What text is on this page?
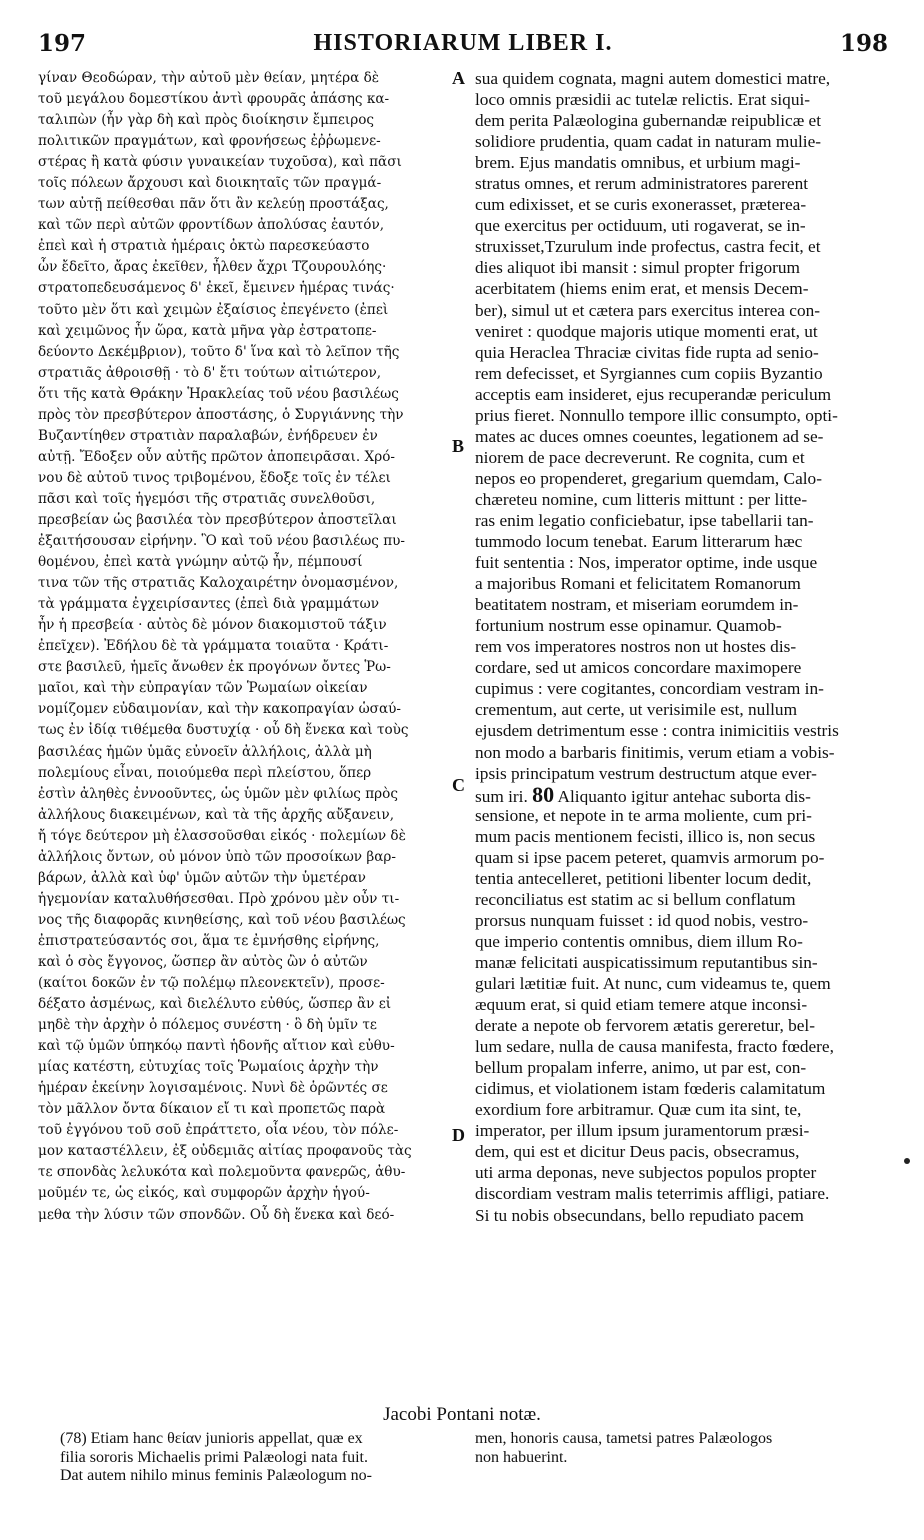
197	HISTORIARUM LIBER I.	198
γίναν Θεοδώραν, τὴν αὐτοῦ μὲν θείαν, μητέρα δὲ
τοῦ μεγάλου δομεστίκου ἀντὶ φρουρᾶς ἁπάσης κα-
ταλιπὼν (ἦν γὰρ δὴ καὶ πρὸς διοίκησιν ἔμπειρος
πολιτικῶν πραγμάτων, καὶ φρονήσεως ἐῤῥωμενε-
στέρας ἢ κατὰ φύσιν γυναικείαν τυχοῦσα), καὶ πᾶσι
τοῖς πόλεων ἄρχουσι καὶ διοικηταῖς τῶν πραγμά-
των αὐτῇ πείθεσθαι πᾶν ὅτι ἂν κελεύῃ προστάξας,
καὶ τῶν περὶ αὐτῶν φροντίδων ἀπολύσας ἑαυτόν,
ἐπεὶ καὶ ἡ στρατιὰ ἡμέραις ὀκτὼ παρεσκεύαστο
ὧν ἔδεῖτο, ἄρας ἐκεῖθεν, ἦλθεν ἄχρι Τζουρουλόης·
στρατοπεδευσάμενος δ' ἐκεῖ, ἔμεινεν ἡμέρας τινάς·
τοῦτο μὲν ὅτι καὶ χειμὼν ἐξαίσιος ἐπεγένετο (ἐπεὶ
καὶ χειμῶνος ἦν ὥρα, κατὰ μῆνα γὰρ ἐστρατοπε-
δεύοντο Δεκέμβριον), τοῦτο δ' ἵνα καὶ τὸ λεῖπον τῆς
στρατιᾶς ἀθροισθῇ · τὸ δ' ἔτι τούτων αἰτιώτερον,
ὅτι τῆς κατὰ Θράκην Ἡρακλείας τοῦ νέου βασιλέως
πρὸς τὸν πρεσβύτερον ἀποστάσης, ὁ Συργιάννης τὴν
Βυζαντίηθεν στρατιὰν παραλαβών, ἐνήδρευεν ἐν
αὐτῇ. Ἔδοξεν οὖν αὐτῆς πρῶτον ἀποπειρᾶσαι. Χρό-
νου δὲ αὐτοῦ τινος τριβομένου, ἔδοξε τοῖς ἐν τέλει
πᾶσι καὶ τοῖς ἡγεμόσι τῆς στρατιᾶς συνελθοῦσι,
πρεσβείαν ὡς βασιλέα τὸν πρεσβύτερον ἀποστεῖλαι
ἐξαιτήσουσαν εἰρήνην. Ὃ καὶ τοῦ νέου βασιλέως πυ-
θομένου, ἐπεὶ κατὰ γνώμην αὐτῷ ἦν, πέμπουσί
τινα τῶν τῆς στρατιᾶς Καλοχαιρέτην ὀνομασμένον,
τὰ γράμματα ἐγχειρίσαντες (ἐπεὶ διὰ γραμμάτων
ἦν ἡ πρεσβεία · αὐτὸς δὲ μόνον διακομιστοῦ τάξιν
ἐπεῖχεν). Ἐδήλου δὲ τὰ γράμματα τοιαῦτα · Κράτι-
στε βασιλεῦ, ἡμεῖς ἄνωθεν ἐκ προγόνων ὄντες Ῥω-
μαῖοι, καὶ τὴν εὐπραγίαν τῶν Ῥωμαίων οἰκείαν
νομίζομεν εὐδαιμονίαν, καὶ τὴν κακοπραγίαν ὡσαύ-
τως ἐν ἰδίᾳ τιθέμεθα δυστυχίᾳ · οὗ δὴ ἕνεκα καὶ τοὺς
βασιλέας ἡμῶν ὑμᾶς εὐνοεῖν ἀλλήλοις, ἀλλὰ μὴ
πολεμίους εἶναι, ποιούμεθα περὶ πλείστου, ὅπερ
ἐστὶν ἀληθὲς ἐννοοῦντες, ὡς ὑμῶν μὲν φιλίως πρὸς
ἀλλήλους διακειμένων, καὶ τὰ τῆς ἀρχῆς αὔξανειν,
ἤ τόγε δεύτερον μὴ ἐλασσοῦσθαι εἰκός · πολεμίων δὲ
ἀλλήλοις ὄντων, οὐ μόνον ὑπὸ τῶν προσοίκων βαρ-
βάρων, ἀλλὰ καὶ ὑφ' ὑμῶν αὐτῶν τὴν ὑμετέραν
ἡγεμονίαν καταλυθήσεσθαι. Πρὸ χρόνου μὲν οὖν τι-
νος τῆς διαφορᾶς κινηθείσης, καὶ τοῦ νέου βασιλέως
ἐπιστρατεύσαντός σοι, ἅμα τε ἐμνήσθης εἰρήνης,
καὶ ὁ σὸς ἔγγονος, ὥσπερ ἂν αὐτὸς ὢν ὁ αὐτῶν
(καίτοι δοκῶν ἐν τῷ πολέμῳ πλεονεκτεῖν), προσε-
δέξατο ἀσμένως, καὶ διελέλυτο εὐθύς, ὥσπερ ἂν εἰ
μηδὲ τὴν ἀρχὴν ὁ πόλεμος συνέστη · ὃ δὴ ὑμῖν τε
καὶ τῷ ὑμῶν ὑπηκόῳ παντὶ ἡδονῆς αἴτιον καὶ εὐθυ-
μίας κατέστη, εὐτυχίας τοῖς Ῥωμαίοις ἀρχὴν τὴν
ἡμέραν ἐκείνην λογισαμένοις. Νυνὶ δὲ ὁρῶντές σε
τὸν μᾶλλον ὄντα δίκαιον εἴ τι καὶ προπετῶς παρὰ
τοῦ ἐγγόνου τοῦ σοῦ ἐπράττετο, οἷα νέου, τὸν πόλε-
μον καταστέλλειν, ἐξ οὐδεμιᾶς αἰτίας προφανοῦς τὰς
τε σπονδὰς λελυκότα καὶ πολεμοῦντα φανερῶς, ἀθυ-
μοῦμέν τε, ὡς εἰκός, καὶ συμφορῶν ἀρχὴν ἡγού-
μεθα τὴν λύσιν τῶν σπονδῶν. Οὗ δὴ ἕνεκα καὶ δεό-
sua quidem cognata, magni autem domestici matre,
loco omnis præsidii ac tutelæ relictis. Erat siqui-
dem perita Palæologina gubernandæ reipublicæ et
solidiore prudentia, quam cadat in naturam mulie-
brem. Ejus mandatis omnibus, et urbium magi-
stratus omnes, et rerum administratores parerent
cum edixisset, et se curis exonerasset, præterea-
que exercitus per octiduum, uti rogaverat, se in-
struxisset,Tzurulum inde profectus, castra fecit, et
dies aliquot ibi mansit : simul propter frigorum
acerbitatem (hiems enim erat, et mensis Decem-
ber), simul ut et cætera pars exercitus interea con-
veniret : quodque majoris utique momenti erat, ut
quia Heraclea Thraciæ civitas fide rupta ad senio-
rem defecisset, et Syrgiannes cum copiis Byzantio
acceptis eam insideret, ejus recuperandæ periculum
prius fieret. Nonnullo tempore illic consumpto, opti-
mates ac duces omnes coeuntes, legationem ad se-
niorem de pace decreverunt. Re cognita, cum et
nepos eo propenderet, gregarium quemdam, Calo-
chæreteu nomine, cum litteris mittunt : per litte-
ras enim legatio conficiebatur, ipse tabellarii tan-
tummodo locum tenebat. Earum litterarum hæc
fuit sententia : Nos, imperator optime, inde usque
a majoribus Romani et felicitatem Romanorum
beatitatem nostram, et miseriam eorumdem in-
fortunium nostrum esse opinamur. Quamob-
rem vos imperatores nostros non ut hostes dis-
cordare, sed ut amicos concordare maximopere
cupimus : vere cogitantes, concordiam vestram in-
crementum, aut certe, ut verisimile est, nullum
ejusdem detrimentum esse : contra inimicitiis vestris
non modo a barbaris finitimis, verum etiam a vobis-
ipsis principatum vestrum destructum atque ever-
sum iri. 80 Aliquanto igitur antehac suborta dis-
sensione, et nepote in te arma moliente, cum pri-
mum pacis mentionem fecisti, illico is, non secus
quam si ipse pacem peteret, quamvis armorum po-
tentia antecelleret, petitioni libenter locum dedit,
reconciliatus est statim ac si bellum conflatum
prorsus nunquam fuisset : id quod nobis, vestro-
que imperio contentis omnibus, diem illum Ro-
manæ felicitati auspicatissimum reputantibus sin-
gulari lætitiæ fuit. At nunc, cum videamus te, quem
æquum erat, si quid etiam temere atque inconsi-
derate a nepote ob fervorem ætatis gereretur, bel-
lum sedare, nulla de causa manifesta, fracto fœdere,
bellum propalam inferre, animo, ut par est, con-
cidimus, et violationem istam fœderis calamitatum
exordium fore arbitramur. Quæ cum ita sint, te,
imperator, per illum ipsum juramentorum præsi-
dem, qui est et dicitur Deus pacis, obsecramus,
uti arma deponas, neve subjectos populos propter
discordiam vestram malis teterrimis affligi, patiare.
Si tu nobis obsecundans, bello repudiato pacem
A
B
C
D
Jacobi Pontani notæ.
(78) Etiam hanc θείαν junioris appellat, quæ ex
filia sororis Michaelis primi Palæologi nata fuit.
Dat autem nihilo minus feminis Palæologum no-
men, honoris causa, tametsi patres Palæologos
non habuerint.
